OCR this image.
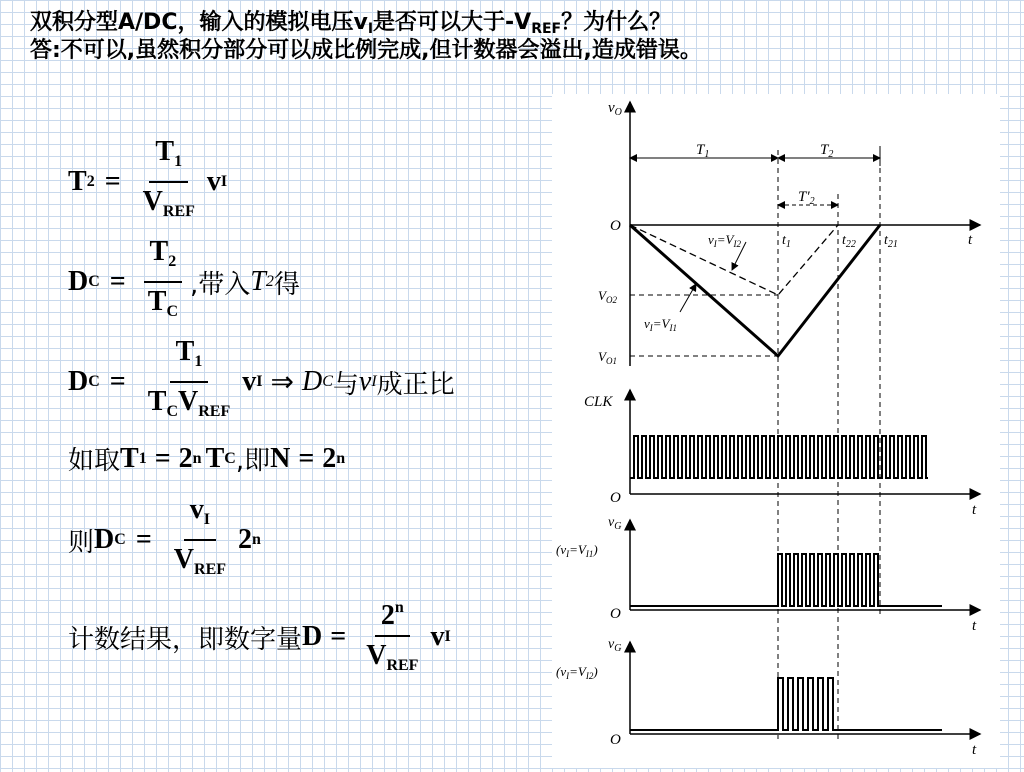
双积分型A/DC，输入的模拟电压$v_I$是否可以大于$-V_{REF}$？为什么？
答:不可以,虽然积分部分可以成比例完成,但计数器会溢出,造成错误。
T $2 = \frac{T_1}{V_{REF}}$ v I
D $C = \frac{T_2}{T_C}$ ,带入 T 2 得
D $C = \frac{T_1}{T_CV_{REF}}$ v I ⇒ D C 与 v I 成正比
如取 T 1 = 2 n T C ,即 N = 2 n
则 D $C = \frac{v_I}{V_{REF}} 2$ n
计数结果，即数字量 $D = \frac{2^n}{V_{REF}}$ v I
$v_O$
O
t
$T_1$	$T_2$
$T'_2$
$t_1$	$t_{22}$ $t_{21}$
$V_{O2}$
$V_{O1}$
$v_I=V_{I2}$
$v_I=V_{I1}$
CLK
O
t
$v_G$
$(v_I=V_{I1})$
O
t
$v_G$
$(v_I=V_{I2})$
O
t
